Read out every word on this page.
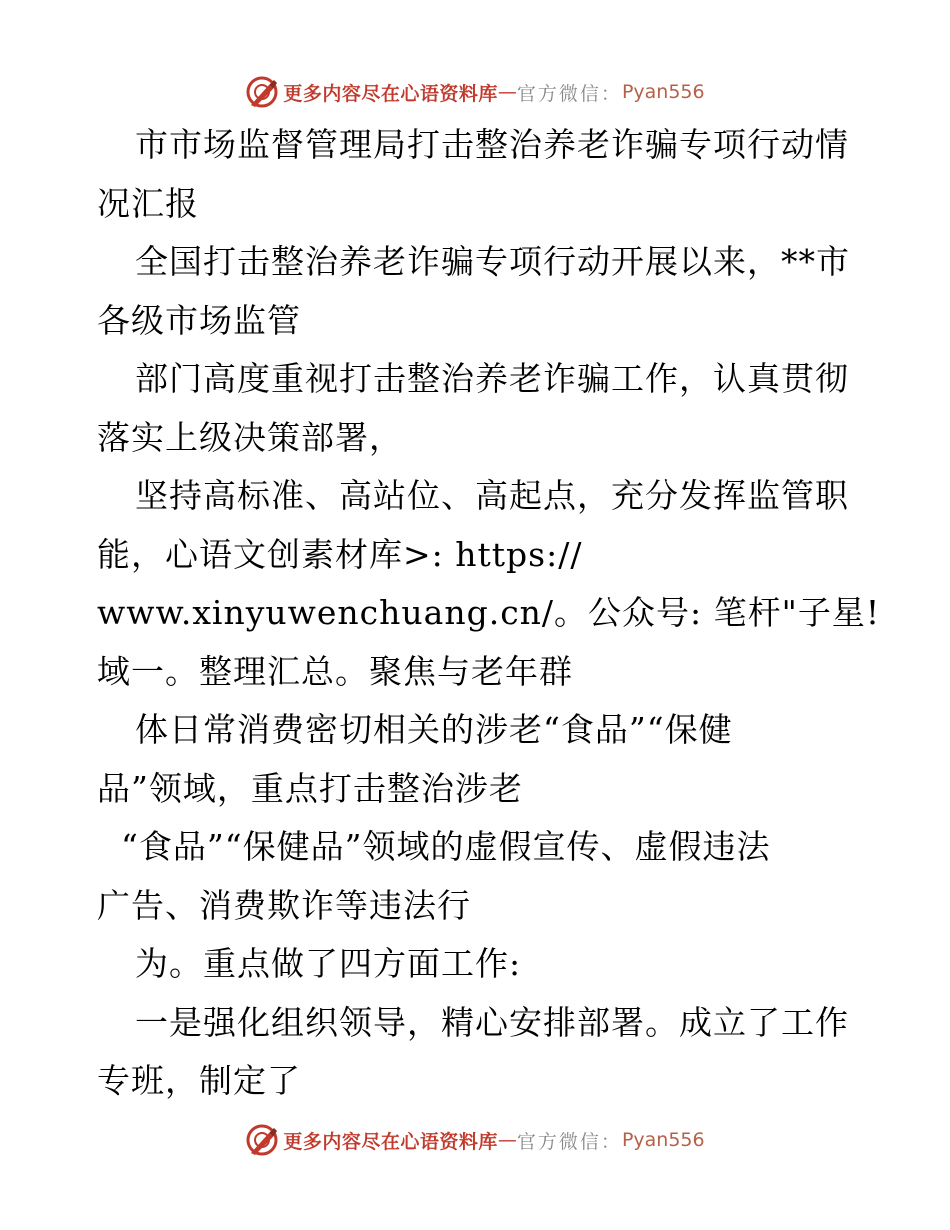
更多内容尽在心语资料库 — 官方微信： Pyan556
市市场监督管理局打击整治养老诈骗专项行动情
况汇报
全国打击整治养老诈骗专项行动开展以来，**市
各级市场监管
部门高度重视打击整治养老诈骗工作，认真贯彻
落实上级决策部署，
坚持高标准、高站位、高起点，充分发挥监管职
能，心语文创素材库>: https://
www.xinyuwenchuang.cn/。公众号: 笔杆"子星!
域一。整理汇总。聚焦与老年群
体日常消费密切相关的涉老“食品”“保健
品”领域，重点打击整治涉老
“食品”“保健品”领域的虚假宣传、虚假违法
广告、消费欺诈等违法行
为。重点做了四方面工作:
一是强化组织领导，精心安排部署。成立了工作
专班，制定了
更多内容尽在心语资料库 — 官方微信： Pyan556
